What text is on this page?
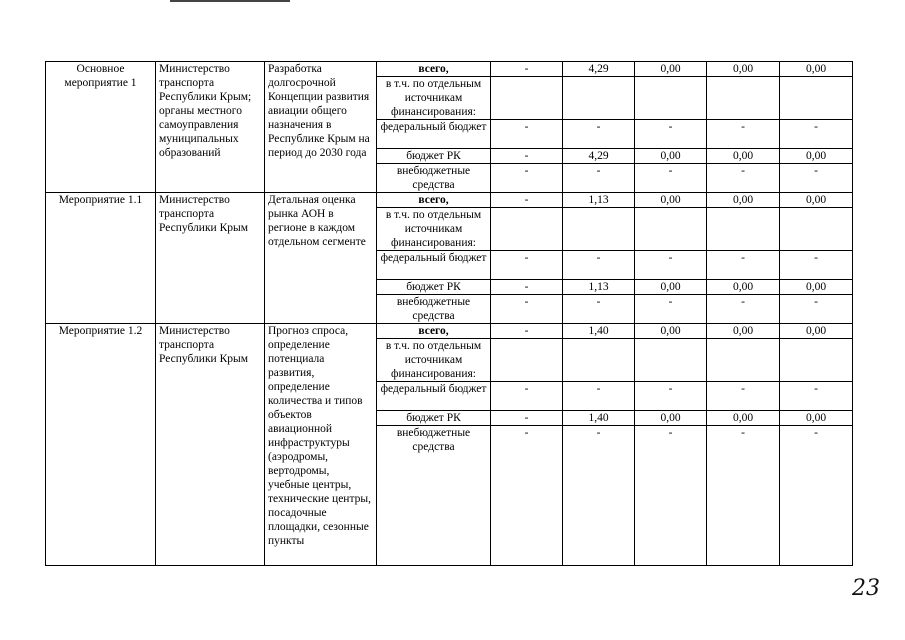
Основное мероприятие 1	Министерство транспорта Республики Крым; органы местного самоуправления муниципальных образований	Разработка долгосрочной Концепции развития авиации общего назначения в Республике Крым на период до 2030 года	всего,	-	4,29	0,00	0,00	0,00
			в т.ч. по отдельным источникам финансирования:					
			федеральный бюджет	-	-	-	-	-
			бюджет РК	-	4,29	0,00	0,00	0,00
			внебюджетные средства	-	-	-	-	-
Мероприятие 1.1	Министерство транспорта Республики Крым	Детальная оценка рынка АОН в регионе в каждом отдельном сегменте	всего,	-	1,13	0,00	0,00	0,00
			в т.ч. по отдельным источникам финансирования:					
			федеральный бюджет	-	-	-	-	-
			бюджет РК	-	1,13	0,00	0,00	0,00
			внебюджетные средства	-	-	-	-	-
Мероприятие 1.2	Министерство транспорта Республики Крым	Прогноз спроса, определение потенциала развития, определение количества и типов объектов авиационной инфраструктуры (аэродромы, вертодромы, учебные центры, технические центры, посадочные площадки, сезонные пункты	всего,	-	1,40	0,00	0,00	0,00
			в т.ч. по отдельным источникам финансирования:					
			федеральный бюджет	-	-	-	-	-
			бюджет РК	-	1,40	0,00	0,00	0,00
			внебюджетные средства	-	-	-	-	-
23
